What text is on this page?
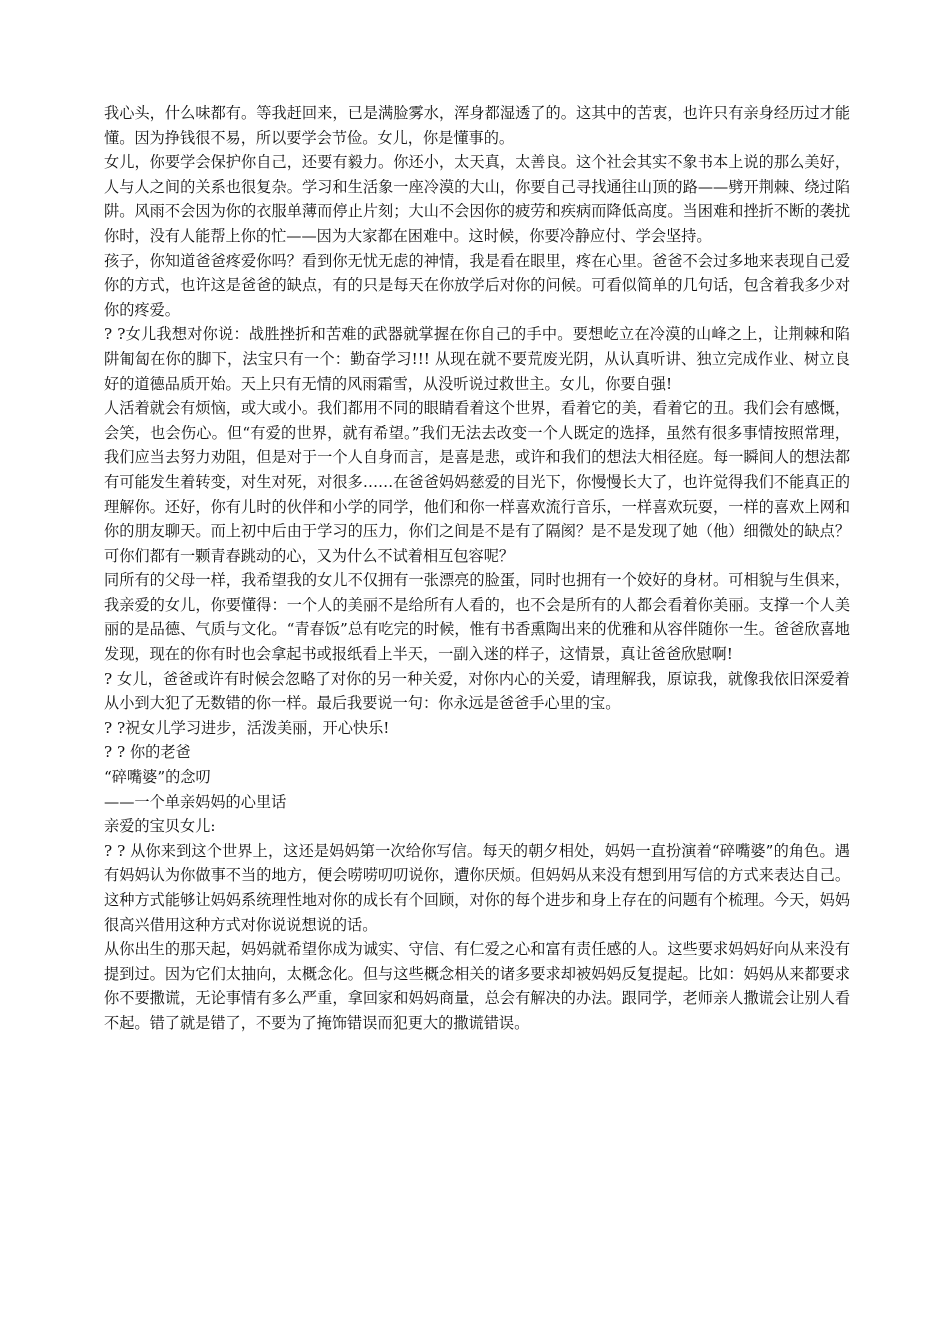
我心头，什么味都有。等我赶回来，已是满脸雾水，浑身都湿透了的。这其中的苦衷，也许只有亲身经历过才能懂。因为挣钱很不易，所以要学会节俭。女儿，你是懂事的。

女儿，你要学会保护你自己，还要有毅力。你还小，太天真，太善良。这个社会其实不象书本上说的那么美好，人与人之间的关系也很复杂。学习和生活象一座冷漠的大山，你要自己寻找通往山顶的路——劈开荆棘、绕过陷阱。风雨不会因为你的衣服单薄而停止片刻；大山不会因你的疲劳和疾病而降低高度。当困难和挫折不断的袭扰你时，没有人能帮上你的忙——因为大家都在困难中。这时候，你要冷静应付、学会坚持。

孩子，你知道爸爸疼爱你吗？看到你无忧无虑的神情，我是看在眼里，疼在心里。爸爸不会过多地来表现自己爱你的方式，也许这是爸爸的缺点，有的只是每天在你放学后对你的问候。可看似简单的几句话，包含着我多少对你的疼爱。

? ?女儿我想对你说：战胜挫折和苦难的武器就掌握在你自己的手中。要想屹立在冷漠的山峰之上，让荆棘和陷阱匍匐在你的脚下，法宝只有一个：勤奋学习!!! 从现在就不要荒废光阴，从认真听讲、独立完成作业、树立良好的道德品质开始。天上只有无情的风雨霜雪，从没听说过救世主。女儿，你要自强!

人活着就会有烦恼，或大或小。我们都用不同的眼睛看着这个世界，看着它的美，看着它的丑。我们会有感慨，会笑，也会伤心。但“有爱的世界，就有希望。”我们无法去改变一个人既定的选择，虽然有很多事情按照常理，我们应当去努力劝阻，但是对于一个人自身而言，是喜是悲，或许和我们的想法大相径庭。每一瞬间人的想法都有可能发生着转变，对生对死，对很多……在爸爸妈妈慈爱的目光下，你慢慢长大了，也许觉得我们不能真正的理解你。还好，你有儿时的伙伴和小学的同学，他们和你一样喜欢流行音乐，一样喜欢玩耍，一样的喜欢上网和你的朋友聊天。而上初中后由于学习的压力，你们之间是不是有了隔阂？是不是发现了她（他）细微处的缺点？可你们都有一颗青春跳动的心，又为什么不试着相互包容呢？

同所有的父母一样，我希望我的女儿不仅拥有一张漂亮的脸蛋，同时也拥有一个姣好的身材。可相貌与生俱来，我亲爱的女儿，你要懂得：一个人的美丽不是给所有人看的，也不会是所有的人都会看着你美丽。支撑一个人美丽的是品德、气质与文化。“青春饭”总有吃完的时候，惟有书香熏陶出来的优雅和从容伴随你一生。爸爸欣喜地发现，现在的你有时也会拿起书或报纸看上半天，一副入迷的样子，这情景，真让爸爸欣慰啊!

? 女儿，爸爸或许有时候会忽略了对你的另一种关爱，对你内心的关爱，请理解我，原谅我，就像我依旧深爱着从小到大犯了无数错的你一样。最后我要说一句：你永远是爸爸手心里的宝。

? ?祝女儿学习进步，活泼美丽，开心快乐!

? ? 你的老爸

“碎嘴婆”的念叨

——一个单亲妈妈的心里话

亲爱的宝贝女儿:

? ? 从你来到这个世界上，这还是妈妈第一次给你写信。每天的朝夕相处，妈妈一直扮演着“碎嘴婆”的角色。遇有妈妈认为你做事不当的地方，便会唠唠叨叨说你，遭你厌烦。但妈妈从来没有想到用写信的方式来表达自己。这种方式能够让妈妈系统理性地对你的成长有个回顾，对你的每个进步和身上存在的问题有个梳理。今天，妈妈很高兴借用这种方式对你说说想说的话。

从你出生的那天起，妈妈就希望你成为诚实、守信、有仁爱之心和富有责任感的人。这些要求妈妈好向从来没有提到过。因为它们太抽向，太概念化。但与这些概念相关的诸多要求却被妈妈反复提起。比如：妈妈从来都要求你不要撒谎，无论事情有多么严重，拿回家和妈妈商量，总会有解决的办法。跟同学，老师亲人撒谎会让别人看不起。错了就是错了，不要为了掩饰错误而犯更大的撒谎错误。
